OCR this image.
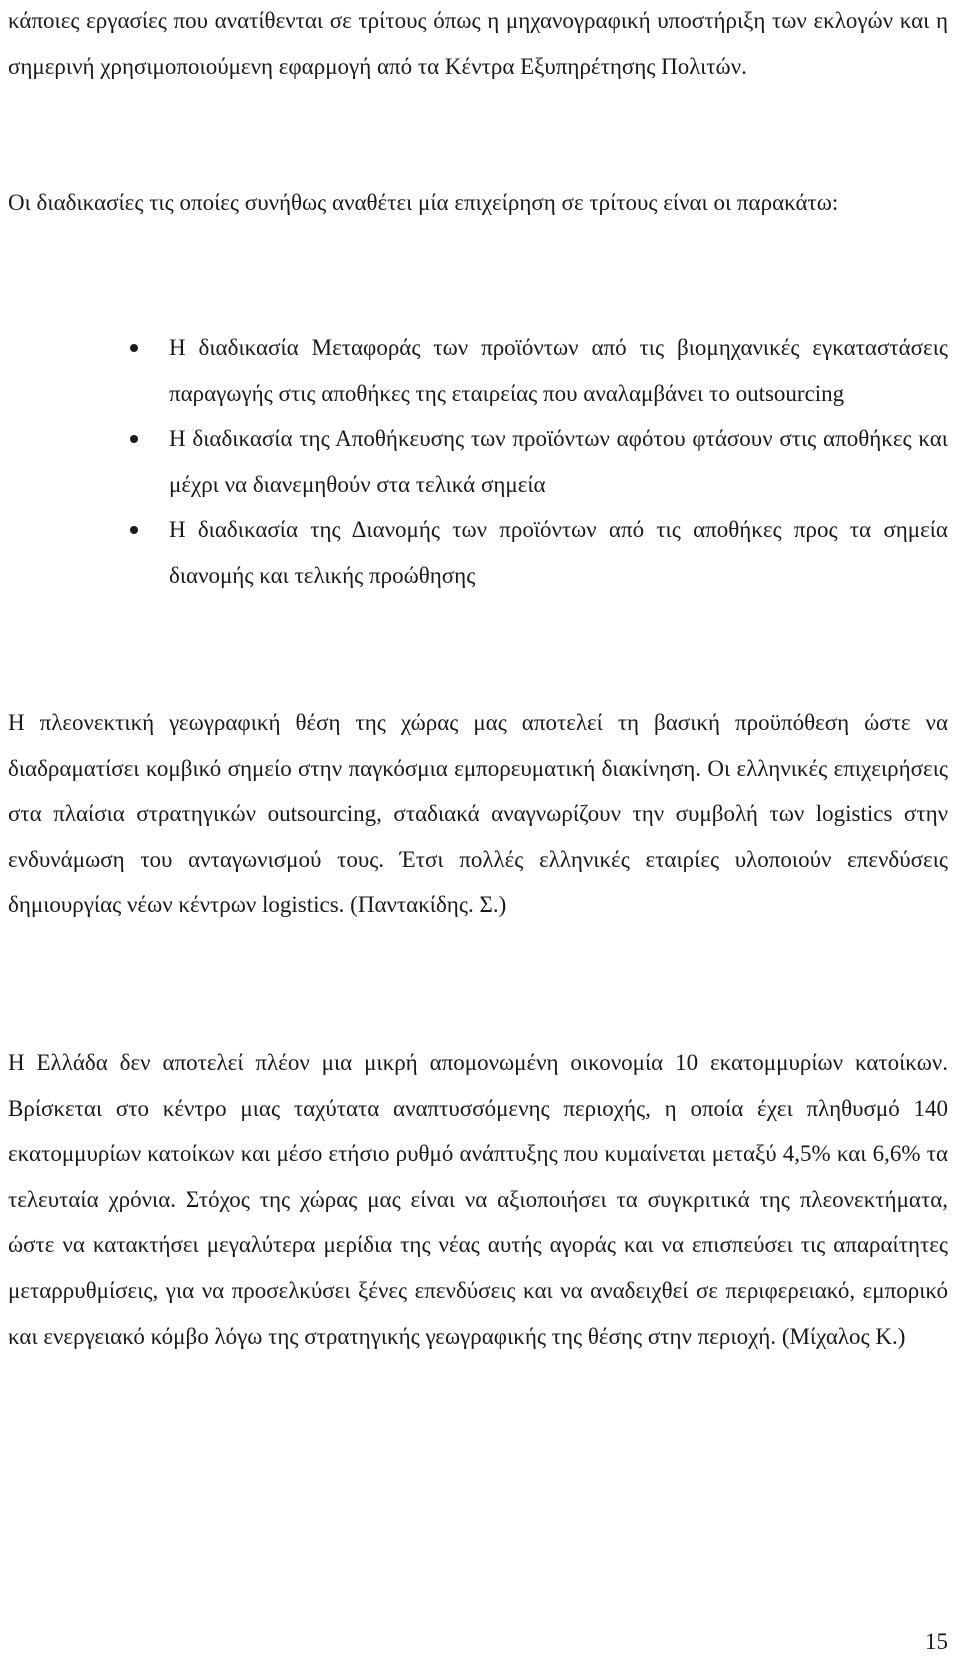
κάποιες εργασίες που ανατίθενται σε τρίτους όπως η μηχανογραφική υποστήριξη των εκλογών και η σημερινή χρησιμοποιούμενη εφαρμογή από τα Κέντρα Εξυπηρέτησης Πολιτών.

Οι διαδικασίες τις οποίες συνήθως αναθέτει μία επιχείρηση σε τρίτους είναι οι παρακάτω:

Η διαδικασία Μεταφοράς των προϊόντων από τις βιομηχανικές εγκαταστάσεις παραγωγής στις αποθήκες της εταιρείας που αναλαμβάνει το outsourcing
Η διαδικασία της Αποθήκευσης των προϊόντων αφότου φτάσουν στις αποθήκες και μέχρι να διανεμηθούν στα τελικά σημεία
Η διαδικασία της Διανομής των προϊόντων από τις αποθήκες προς τα σημεία διανομής και τελικής προώθησης

Η πλεονεκτική γεωγραφική θέση της χώρας μας αποτελεί τη βασική προϋπόθεση ώστε να διαδραματίσει κομβικό σημείο στην παγκόσμια εμπορευματική διακίνηση. Οι ελληνικές επιχειρήσεις στα πλαίσια στρατηγικών outsourcing, σταδιακά αναγνωρίζουν την συμβολή των logistics στην ενδυνάμωση του ανταγωνισμού τους. Έτσι πολλές ελληνικές εταιρίες υλοποιούν επενδύσεις δημιουργίας νέων κέντρων logistics. (Παντακίδης. Σ.)

Η Ελλάδα δεν αποτελεί πλέον μια μικρή απομονωμένη οικονομία 10 εκατομμυρίων κατοίκων. Βρίσκεται στο κέντρο μιας ταχύτατα αναπτυσσόμενης περιοχής, η οποία έχει πληθυσμό 140 εκατομμυρίων κατοίκων και μέσο ετήσιο ρυθμό ανάπτυξης που κυμαίνεται μεταξύ 4,5% και 6,6% τα τελευταία χρόνια. Στόχος της χώρας μας είναι να αξιοποιήσει τα συγκριτικά της πλεονεκτήματα, ώστε να κατακτήσει μεγαλύτερα μερίδια της νέας αυτής αγοράς και να επισπεύσει τις απαραίτητες μεταρρυθμίσεις, για να προσελκύσει ξένες επενδύσεις και να αναδειχθεί σε περιφερειακό, εμπορικό και ενεργειακό κόμβο λόγω της στρατηγικής γεωγραφικής της θέσης στην περιοχή. (Μίχαλος Κ.)

15
